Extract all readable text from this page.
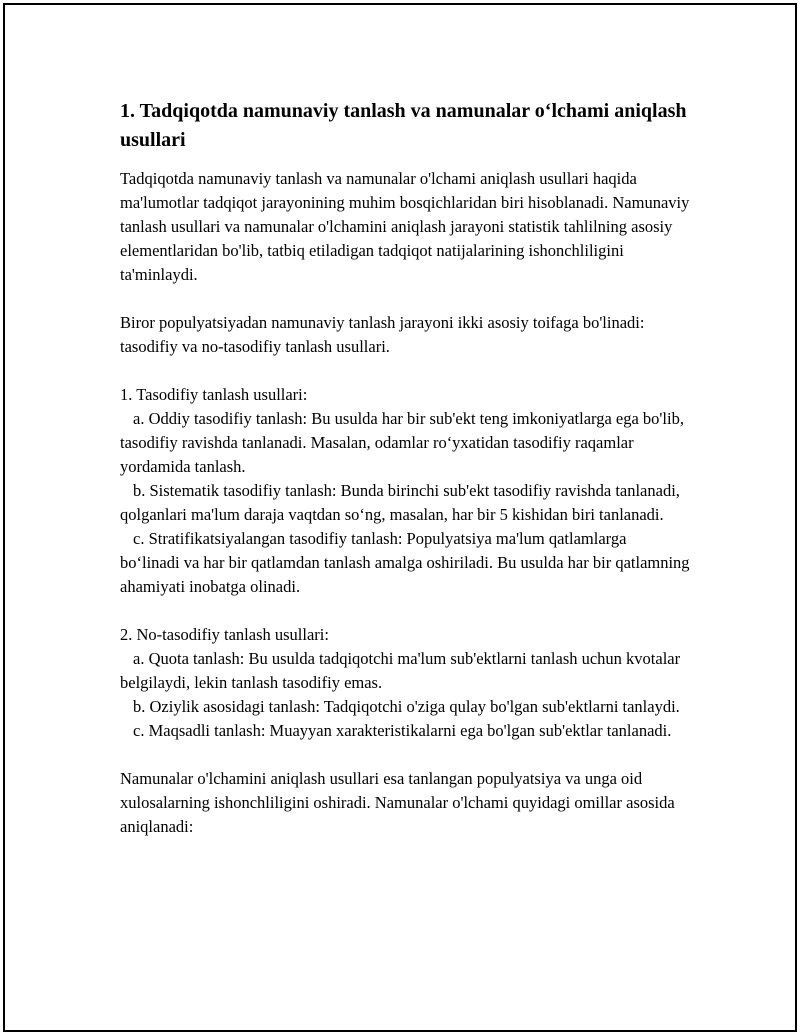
1. Tadqiqotda namunaviy tanlash va namunalar o‘lchami aniqlash usullari

Tadqiqotda namunaviy tanlash va namunalar o'lchami aniqlash usullari haqida ma'lumotlar tadqiqot jarayonining muhim bosqichlaridan biri hisoblanadi. Namunaviy tanlash usullari va namunalar o'lchamini aniqlash jarayoni statistik tahlilning asosiy elementlaridan bo'lib, tatbiq etiladigan tadqiqot natijalarining ishonchliligini ta'minlaydi.

Biror populyatsiyadan namunaviy tanlash jarayoni ikki asosiy toifaga bo'linadi: tasodifiy va no-tasodifiy tanlash usullari.

1. Tasodifiy tanlash usullari:

a. Oddiy tasodifiy tanlash: Bu usulda har bir sub'ekt teng imkoniyatlarga ega bo'lib, tasodifiy ravishda tanlanadi. Masalan, odamlar ro‘yxatidan tasodifiy raqamlar yordamida tanlash.

b. Sistematik tasodifiy tanlash: Bunda birinchi sub'ekt tasodifiy ravishda tanlanadi, qolganlari ma'lum daraja vaqtdan so‘ng, masalan, har bir 5 kishidan biri tanlanadi.

c. Stratifikatsiyalangan tasodifiy tanlash: Populyatsiya ma'lum qatlamlarga bo‘linadi va har bir qatlamdan tanlash amalga oshiriladi. Bu usulda har bir qatlamning ahamiyati inobatga olinadi.

2. No-tasodifiy tanlash usullari:

a. Quota tanlash: Bu usulda tadqiqotchi ma'lum sub'ektlarni tanlash uchun kvotalar belgilaydi, lekin tanlash tasodifiy emas.

b. Oziylik asosidagi tanlash: Tadqiqotchi o'ziga qulay bo'lgan sub'ektlarni tanlaydi.

c. Maqsadli tanlash: Muayyan xarakteristikalarni ega bo'lgan sub'ektlar tanlanadi.

Namunalar o'lchamini aniqlash usullari esa tanlangan populyatsiya va unga oid xulosalarning ishonchliligini oshiradi. Namunalar o'lchami quyidagi omillar asosida aniqlanadi:
